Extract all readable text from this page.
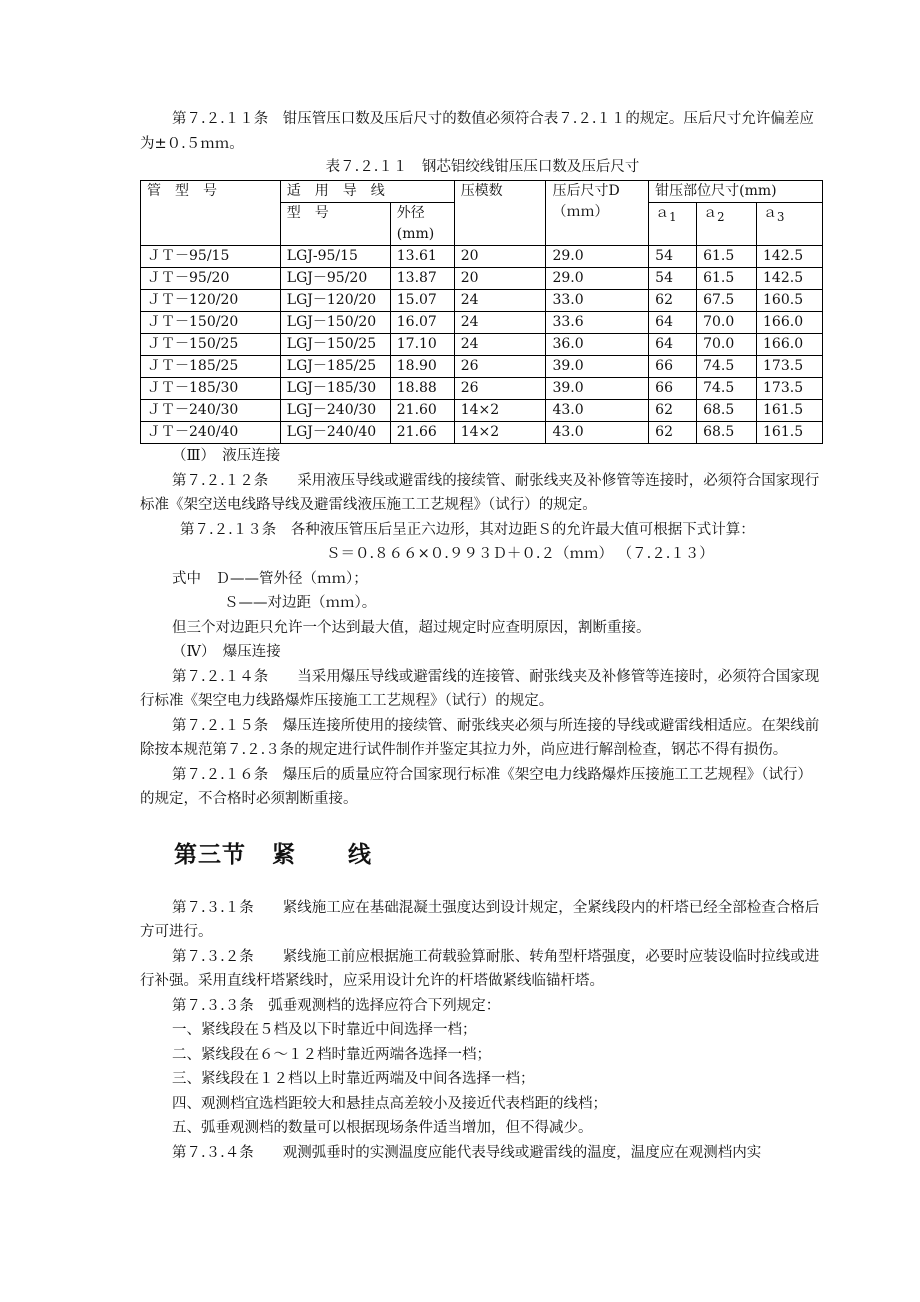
第７.２.１１条　钳压管压口数及压后尺寸的数值必须符合表７.２.１１的规定。压后尺寸允许偏差应为±０.５ｍｍ。

表７.２.１１　钢芯铝绞线钳压压口数及压后尺寸

管　型　号	适　用　导　线		压模数	压后尺寸D（ｍｍ）	钳压部位尺寸(mm)		
	型　号	外径(mm)			ａ$_1$	ａ$_2$	ａ$_3$
ＪＴ－95/15	LGJ-95/15	13.61	20	29.0	54	61.5	142.5
ＪＴ－95/20	LGJ－95/20	13.87	20	29.0	54	61.5	142.5
ＪＴ－120/20	LGJ－120/20	15.07	24	33.0	62	67.5	160.5
ＪＴ－150/20	LGJ－150/20	16.07	24	33.6	64	70.0	166.0
ＪＴ－150/25	LGJ－150/25	17.10	24	36.0	64	70.0	166.0
ＪＴ－185/25	LGJ－185/25	18.90	26	39.0	66	74.5	173.5
ＪＴ－185/30	LGJ－185/30	18.88	26	39.0	66	74.5	173.5
ＪＴ－240/30	LGJ－240/30	21.60	14×2	43.0	62	68.5	161.5
ＪＴ－240/40	LGJ－240/40	21.66	14×2	43.0	62	68.5	161.5

（Ⅲ）　液压连接

第７.２.１２条　　采用液压导线或避雷线的接续管、耐张线夹及补修管等连接时，必须符合国家现行标准《架空送电线路导线及避雷线液压施工工艺规程》（试行）的规定。

第７.２.１３条　各种液压管压后呈正六边形，其对边距Ｓ的允许最大值可根据下式计算：

Ｓ＝０.８６６×０.９９３Ｄ＋０.２（ｍｍ） （７.２.１３）

式中　Ｄ——管外径（ｍｍ）；

Ｓ——对边距（ｍｍ）。

但三个对边距只允许一个达到最大值，超过规定时应查明原因，割断重接。

（Ⅳ）　爆压连接

第７.２.１４条　　当采用爆压导线或避雷线的连接管、耐张线夹及补修管等连接时，必须符合国家现行标准《架空电力线路爆炸压接施工工艺规程》（试行）的规定。

第７.２.１５条　爆压连接所使用的接续管、耐张线夹必须与所连接的导线或避雷线相适应。在架线前除按本规范第７.２.３条的规定进行试件制作并鉴定其拉力外，尚应进行解剖检查，钢芯不得有损伤。

第７.２.１６条　爆压后的质量应符合国家现行标准《架空电力线路爆炸压接施工工艺规程》（试行）的规定，不合格时必须割断重接。

第三节 紧 线

第７.３.１条　　紧线施工应在基础混凝土强度达到设计规定，全紧线段内的杆塔已经全部检查合格后方可进行。

第７.３.２条　　紧线施工前应根据施工荷载验算耐胀、转角型杆塔强度，必要时应装设临时拉线或进行补强。采用直线杆塔紧线时，应采用设计允许的杆塔做紧线临锚杆塔。

第７.３.３条　弧垂观测档的选择应符合下列规定：

一、紧线段在５档及以下时靠近中间选择一档；

二、紧线段在６～１２档时靠近两端各选择一档；

三、紧线段在１２档以上时靠近两端及中间各选择一档；

四、观测档宜选档距较大和悬挂点高差较小及接近代表档距的线档；

五、弧垂观测档的数量可以根据现场条件适当增加，但不得减少。

第７.３.４条　　观测弧垂时的实测温度应能代表导线或避雷线的温度，温度应在观测档内实
